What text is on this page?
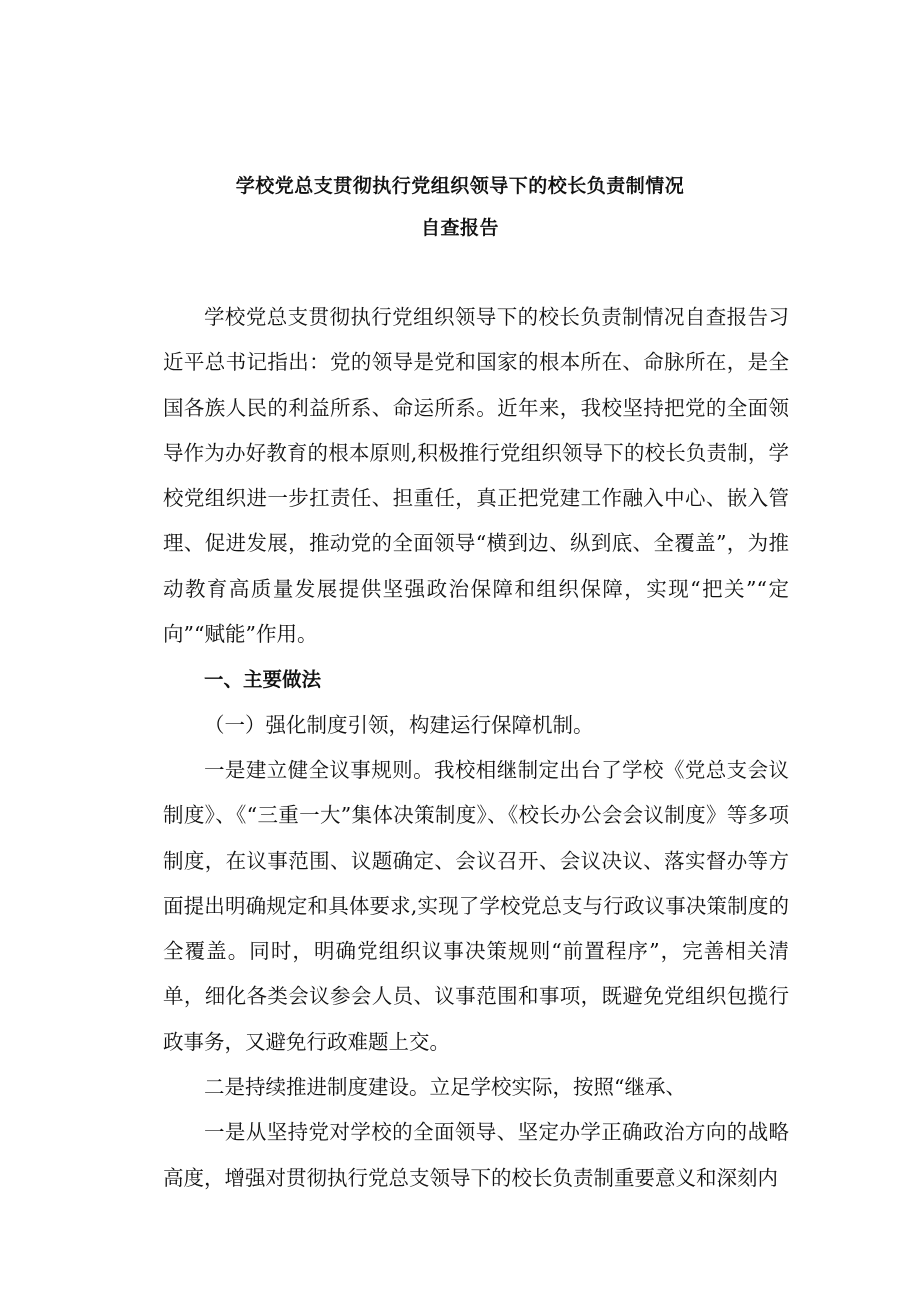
学校党总支贯彻执行党组织领导下的校长负责制情况
自查报告

学校党总支贯彻执行党组织领导下的校长负责制情况自查报告习近平总书记指出：党的领导是党和国家的根本所在、命脉所在，是全国各族人民的利益所系、命运所系。近年来，我校坚持把党的全面领导作为办好教育的根本原则,积极推行党组织领导下的校长负责制，学校党组织进一步扛责任、担重任，真正把党建工作融入中心、嵌入管理、促进发展，推动党的全面领导“横到边、纵到底、全覆盖”，为推动教育高质量发展提供坚强政治保障和组织保障，实现“把关”“定向”“赋能”作用。

一、主要做法

（一）强化制度引领，构建运行保障机制。

一是建立健全议事规则。我校相继制定出台了学校《党总支会议制度》、《“三重一大”集体决策制度》、《校长办公会会议制度》等多项制度，在议事范围、议题确定、会议召开、会议决议、落实督办等方面提出明确规定和具体要求,实现了学校党总支与行政议事决策制度的全覆盖。同时，明确党组织议事决策规则“前置程序”，完善相关清单，细化各类会议参会人员、议事范围和事项，既避免党组织包揽行政事务，又避免行政难题上交。

二是持续推进制度建设。立足学校实际，按照“继承、

一是从坚持党对学校的全面领导、坚定办学正确政治方向的战略高度，增强对贯彻执行党总支领导下的校长负责制重要意义和深刻内
